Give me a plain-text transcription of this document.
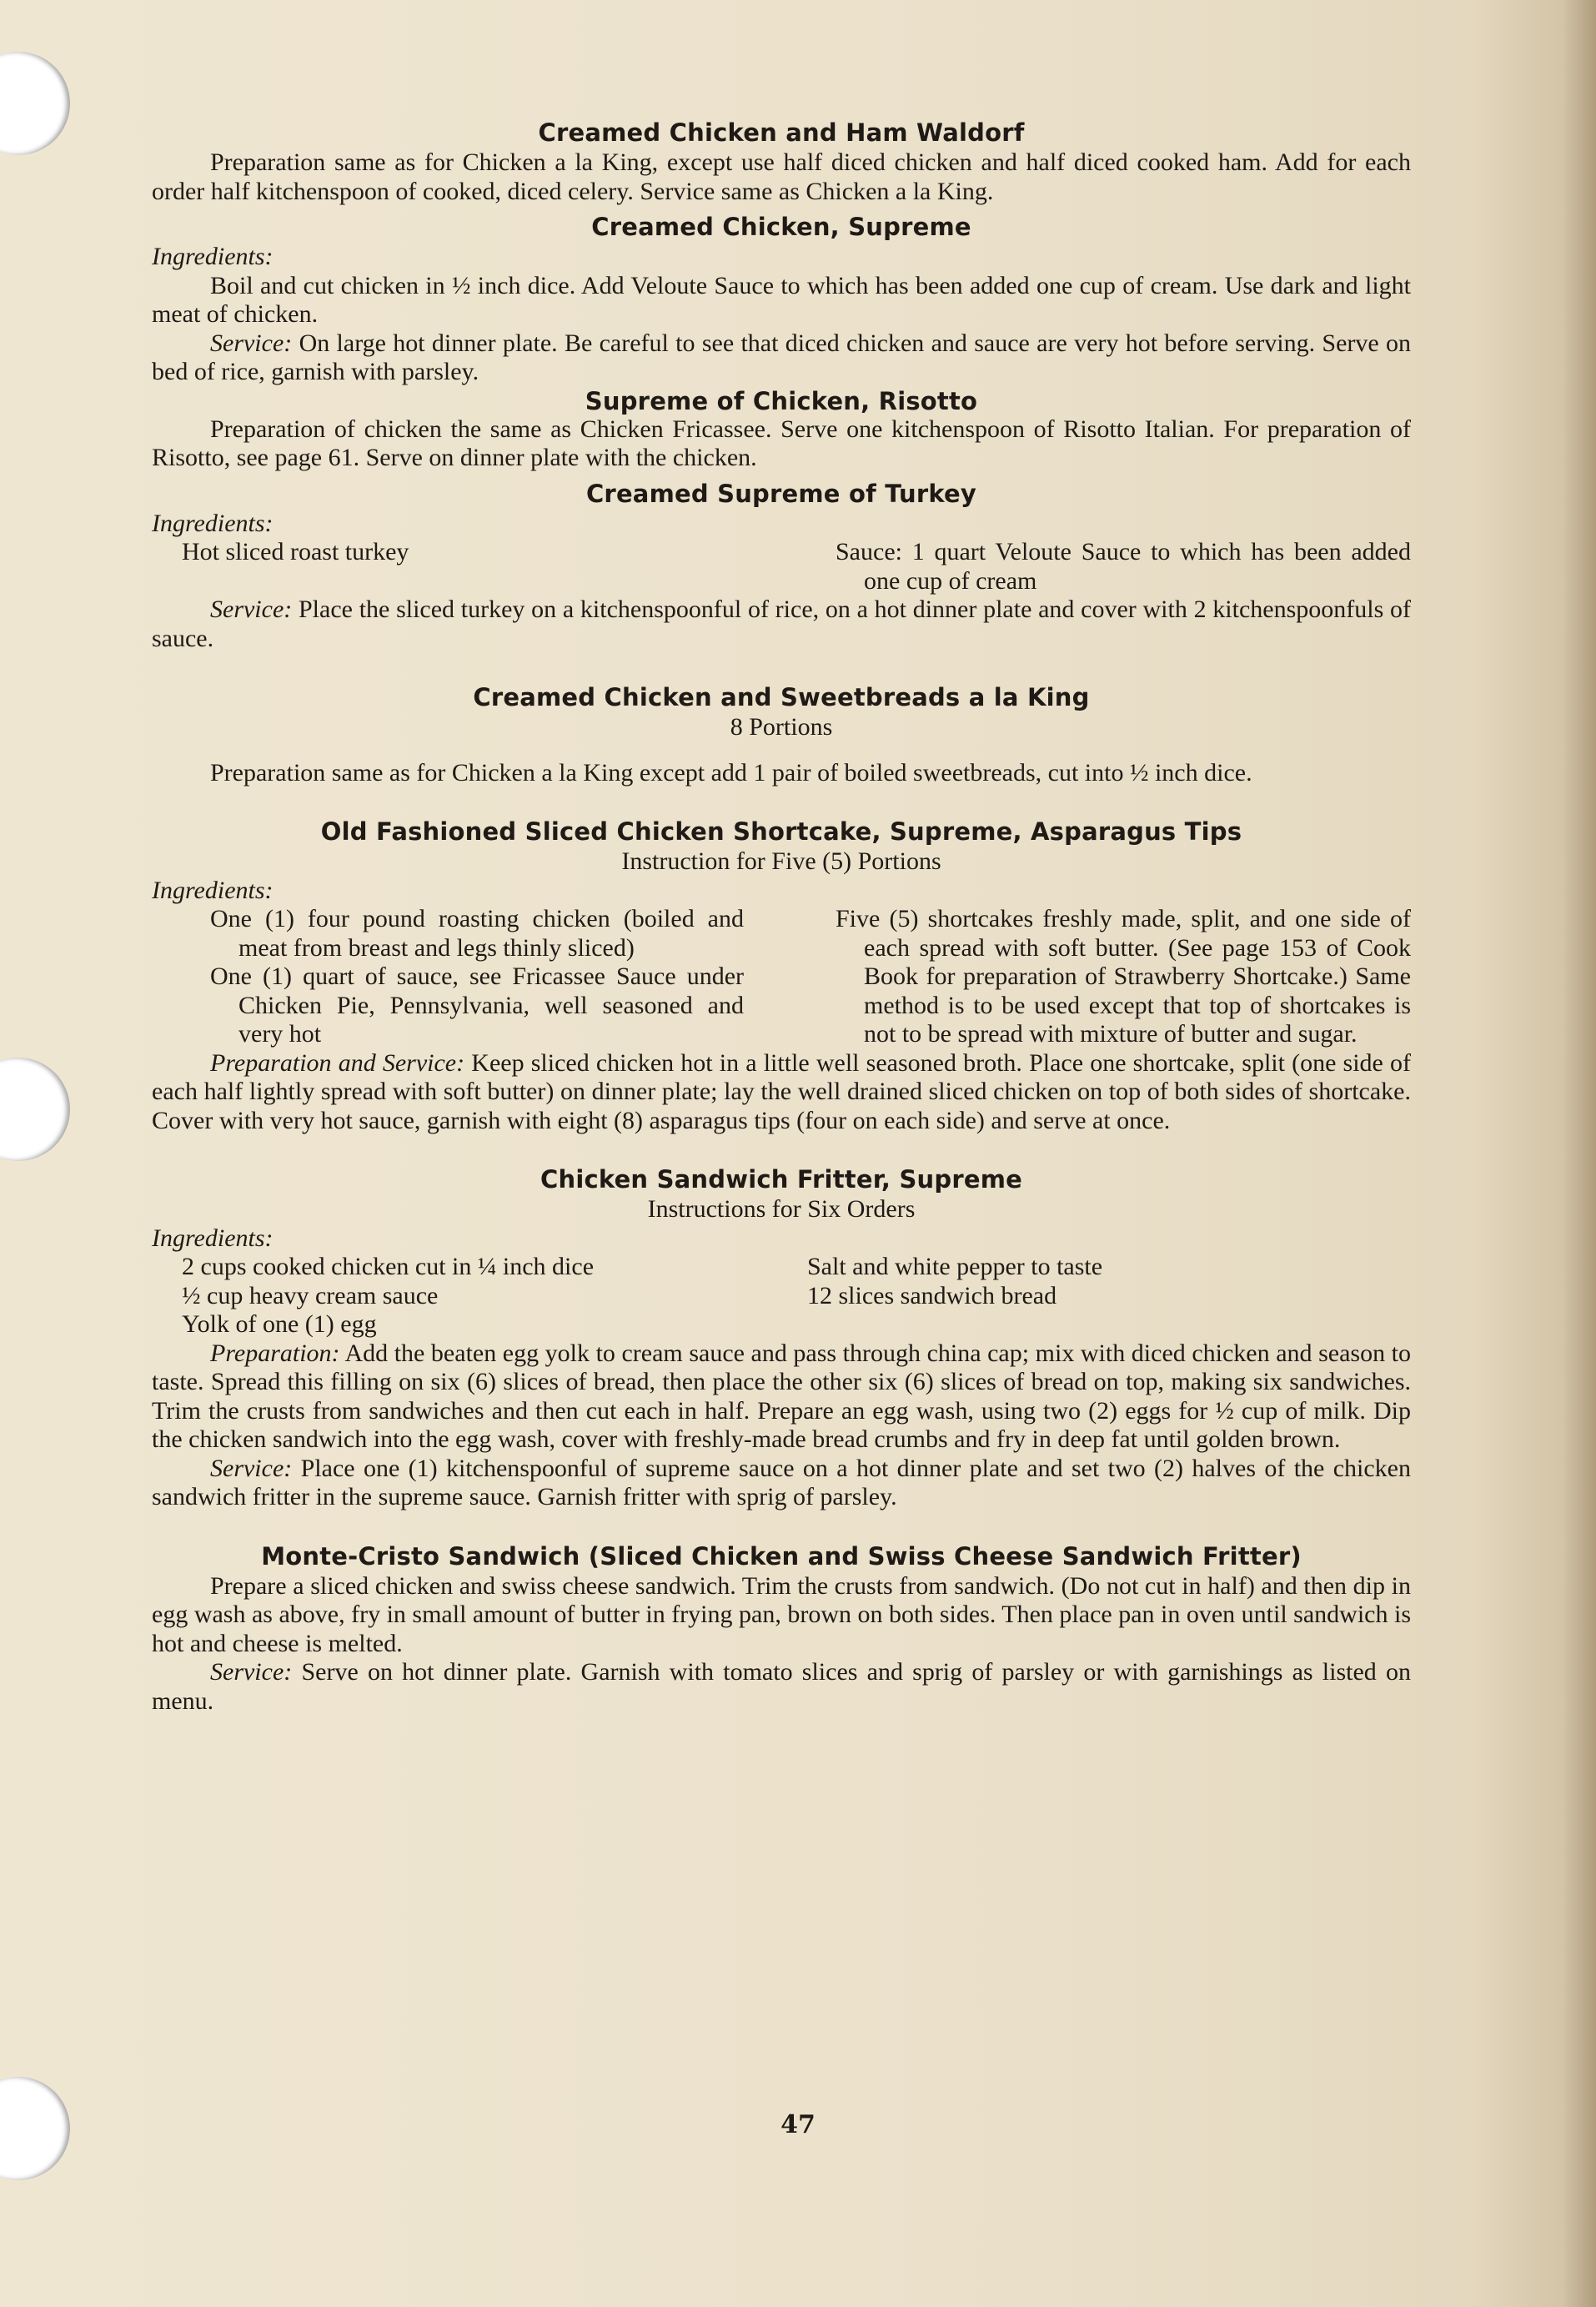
Creamed Chicken and Ham Waldorf

Preparation same as for Chicken a la King, except use half diced chicken and half diced cooked ham. Add for each order half kitchenspoon of cooked, diced celery. Service same as Chicken a la King.

Creamed Chicken, Supreme
Ingredients:

Boil and cut chicken in ½ inch dice. Add Veloute Sauce to which has been added one cup of cream. Use dark and light meat of chicken.

Service: On large hot dinner plate. Be careful to see that diced chicken and sauce are very hot before serving. Serve on bed of rice, garnish with parsley.

Supreme of Chicken, Risotto

Preparation of chicken the same as Chicken Fricassee. Serve one kitchenspoon of Risotto Italian. For preparation of Risotto, see page 61. Serve on dinner plate with the chicken.

Creamed Supreme of Turkey
Ingredients:
Hot sliced roast turkey	Sauce: 1 quart Veloute Sauce to which has been added one cup of cream

Service: Place the sliced turkey on a kitchenspoonful of rice, on a hot dinner plate and cover with 2 kitchenspoonfuls of sauce.

Creamed Chicken and Sweetbreads a la King
8 Portions

Preparation same as for Chicken a la King except add 1 pair of boiled sweetbreads, cut into ½ inch dice.

Old Fashioned Sliced Chicken Shortcake, Supreme, Asparagus Tips
Instruction for Five (5) Portions
Ingredients:
One (1) four pound roasting chicken (boiled and meat from breast and legs thinly sliced)
One (1) quart of sauce, see Fricassee Sauce under Chicken Pie, Pennsylvania, well seasoned and very hot
Five (5) shortcakes freshly made, split, and one side of each spread with soft butter. (See page 153 of Cook Book for preparation of Strawberry Shortcake.) Same method is to be used except that top of shortcakes is not to be spread with mixture of butter and sugar.

Preparation and Service: Keep sliced chicken hot in a little well seasoned broth. Place one shortcake, split (one side of each half lightly spread with soft butter) on dinner plate; lay the well drained sliced chicken on top of both sides of shortcake. Cover with very hot sauce, garnish with eight (8) asparagus tips (four on each side) and serve at once.

Chicken Sandwich Fritter, Supreme
Instructions for Six Orders
Ingredients:
2 cups cooked chicken cut in ¼ inch dice
½ cup heavy cream sauce
Yolk of one (1) egg
Salt and white pepper to taste
12 slices sandwich bread

Preparation: Add the beaten egg yolk to cream sauce and pass through china cap; mix with diced chicken and season to taste. Spread this filling on six (6) slices of bread, then place the other six (6) slices of bread on top, making six sandwiches. Trim the crusts from sandwiches and then cut each in half. Prepare an egg wash, using two (2) eggs for ½ cup of milk. Dip the chicken sandwich into the egg wash, cover with freshly-made bread crumbs and fry in deep fat until golden brown.

Service: Place one (1) kitchenspoonful of supreme sauce on a hot dinner plate and set two (2) halves of the chicken sandwich fritter in the supreme sauce. Garnish fritter with sprig of parsley.

Monte-Cristo Sandwich (Sliced Chicken and Swiss Cheese Sandwich Fritter)

Prepare a sliced chicken and swiss cheese sandwich. Trim the crusts from sandwich. (Do not cut in half) and then dip in egg wash as above, fry in small amount of butter in frying pan, brown on both sides. Then place pan in oven until sandwich is hot and cheese is melted.

Service: Serve on hot dinner plate. Garnish with tomato slices and sprig of parsley or with garnishings as listed on menu.

47
